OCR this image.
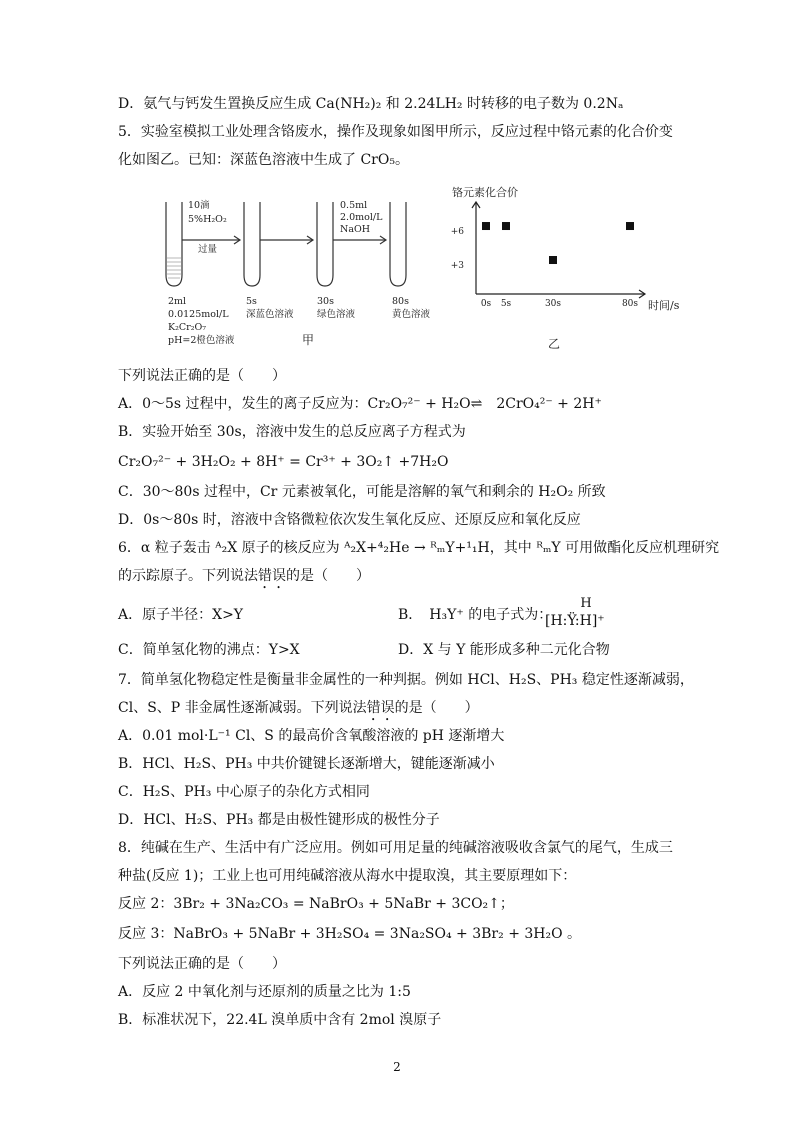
D．氨气与钙发生置换反应生成 Ca(NH₂)₂ 和 2.24LH₂ 时转移的电子数为 0.2Nₐ
5．实验室模拟工业处理含铬废水，操作及现象如图甲所示，反应过程中铬元素的化合价变
化如图乙。已知：深蓝色溶液中生成了 CrO₅。
10滴
5%H₂O₂
过量
0.5ml
2.0mol/L
NaOH
2ml
0.0125mol/L
K₂Cr₂O₇
pH=2橙色溶液
5s
深蓝色溶液
30s
绿色溶液
80s
黄色溶液
甲
铬元素化合价
时间/s
+6
+3
0s 5s	30s	80s
乙
下列说法正确的是（　　）
A．0～5s 过程中，发生的离子反应为：Cr₂O₇²⁻ + H₂O⇌　2CrO₄²⁻ + 2H⁺
B．实验开始至 30s，溶液中发生的总反应离子方程式为
Cr₂O₇²⁻ + 3H₂O₂ + 8H⁺ = Cr³⁺ + 3O₂↑ +7H₂O
C．30～80s 过程中，Cr 元素被氧化，可能是溶解的氧气和剩余的 H₂O₂ 所致
D．0s～80s 时，溶液中含铬微粒依次发生氧化反应、还原反应和氧化反应
6．α 粒子轰击 ᴬ₂X 原子的核反应为 ᴬ₂X+⁴₂He → ᴿₘY+¹₁H，其中 ᴿₘY 可用做酯化反应机理研究
的示踪原子。下列说法错误的是（　　）
A．原子半径：X>Y	B．　H₃Y⁺ 的电子式为：
H
[H:Ÿ:H]⁺
C．简单氢化物的沸点：Y>X	D．X 与 Y 能形成多种二元化合物
7．简单氢化物稳定性是衡量非金属性的一种判据。例如 HCl、H₂S、PH₃ 稳定性逐渐减弱，
Cl、S、P 非金属性逐渐减弱。下列说法错误的是（　　）
A．0.01 mol·L⁻¹ Cl、S 的最高价含氧酸溶液的 pH 逐渐增大
B．HCl、H₂S、PH₃ 中共价键键长逐渐增大，键能逐渐减小
C．H₂S、PH₃ 中心原子的杂化方式相同
D．HCl、H₂S、PH₃ 都是由极性键形成的极性分子
8．纯碱在生产、生活中有广泛应用。例如可用足量的纯碱溶液吸收含氯气的尾气，生成三
种盐(反应 1)；工业上也可用纯碱溶液从海水中提取溴，其主要原理如下：
反应 2：3Br₂ + 3Na₂CO₃ = NaBrO₃ + 5NaBr + 3CO₂↑；
反应 3：NaBrO₃ + 5NaBr + 3H₂SO₄ = 3Na₂SO₄ + 3Br₂ + 3H₂O 。
下列说法正确的是（　　）
A．反应 2 中氧化剂与还原剂的质量之比为 1:5
B．标准状况下，22.4L 溴单质中含有 2mol 溴原子
2
